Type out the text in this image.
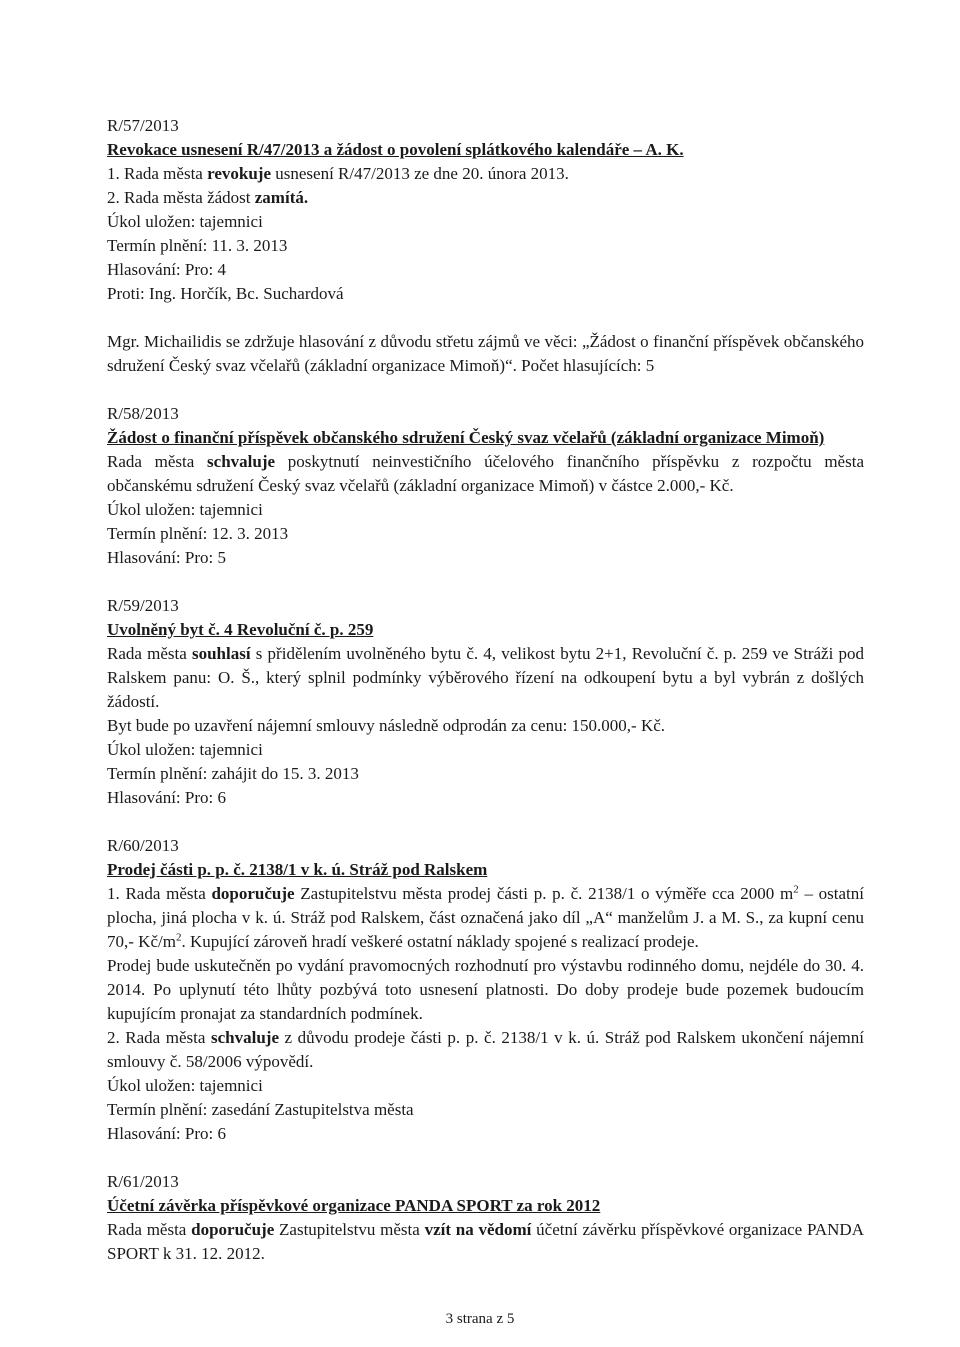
R/57/2013
Revokace usnesení R/47/2013 a žádost o povolení splátkového kalendáře – A. K.
1. Rada města revokuje usnesení R/47/2013 ze dne 20. února 2013.
2. Rada města žádost zamítá.
Úkol uložen: tajemnici
Termín plnění: 11. 3. 2013
Hlasování: Pro: 4
Proti: Ing. Horčík, Bc. Suchardová

Mgr. Michailidis se zdržuje hlasování z důvodu střetu zájmů ve věci: „Žádost o finanční příspěvek občanského sdružení Český svaz včelařů (základní organizace Mimoň)“. Počet hlasujících: 5

R/58/2013

Žádost o finanční příspěvek občanského sdružení Český svaz včelařů (základní organizace Mimoň)

Rada města schvaluje poskytnutí neinvestičního účelového finančního příspěvku z rozpočtu města občanskému sdružení Český svaz včelařů (základní organizace Mimoň) v částce 2.000,- Kč.

Úkol uložen: tajemnici
Termín plnění: 12. 3. 2013
Hlasování: Pro: 5
R/59/2013
Uvolněný byt č. 4 Revoluční č. p. 259

Rada města souhlasí s přidělením uvolněného bytu č. 4, velikost bytu 2+1, Revoluční č. p. 259 ve Stráži pod Ralskem panu: O. Š., který splnil podmínky výběrového řízení na odkoupení bytu a byl vybrán z došlých žádostí.

Byt bude po uzavření nájemní smlouvy následně odprodán za cenu: 150.000,- Kč.
Úkol uložen: tajemnici
Termín plnění: zahájit do 15. 3. 2013
Hlasování: Pro: 6
R/60/2013
Prodej části p. p. č. 2138/1 v k. ú. Stráž pod Ralskem

1. Rada města doporučuje Zastupitelstvu města prodej části p. p. č. 2138/1 o výměře cca 2000 $m^2$ – ostatní plocha, jiná plocha v k. ú. Stráž pod Ralskem, část označená jako díl „A“ manželům J. a M. S., za kupní cenu 70,- $Kč/m^2$. Kupující zároveň hradí veškeré ostatní náklady spojené s realizací prodeje.

Prodej bude uskutečněn po vydání pravomocných rozhodnutí pro výstavbu rodinného domu, nejdéle do 30. 4. 2014. Po uplynutí této lhůty pozbývá toto usnesení platnosti. Do doby prodeje bude pozemek budoucím kupujícím pronajat za standardních podmínek.

2. Rada města schvaluje z důvodu prodeje části p. p. č. 2138/1 v k. ú. Stráž pod Ralskem ukončení nájemní smlouvy č. 58/2006 výpovědí.

Úkol uložen: tajemnici
Termín plnění: zasedání Zastupitelstva města
Hlasování: Pro: 6
R/61/2013
Účetní závěrka příspěvkové organizace PANDA SPORT za rok 2012

Rada města doporučuje Zastupitelstvu města vzít na vědomí účetní závěrku příspěvkové organizace PANDA SPORT k 31. 12. 2012.

3 strana z 5
